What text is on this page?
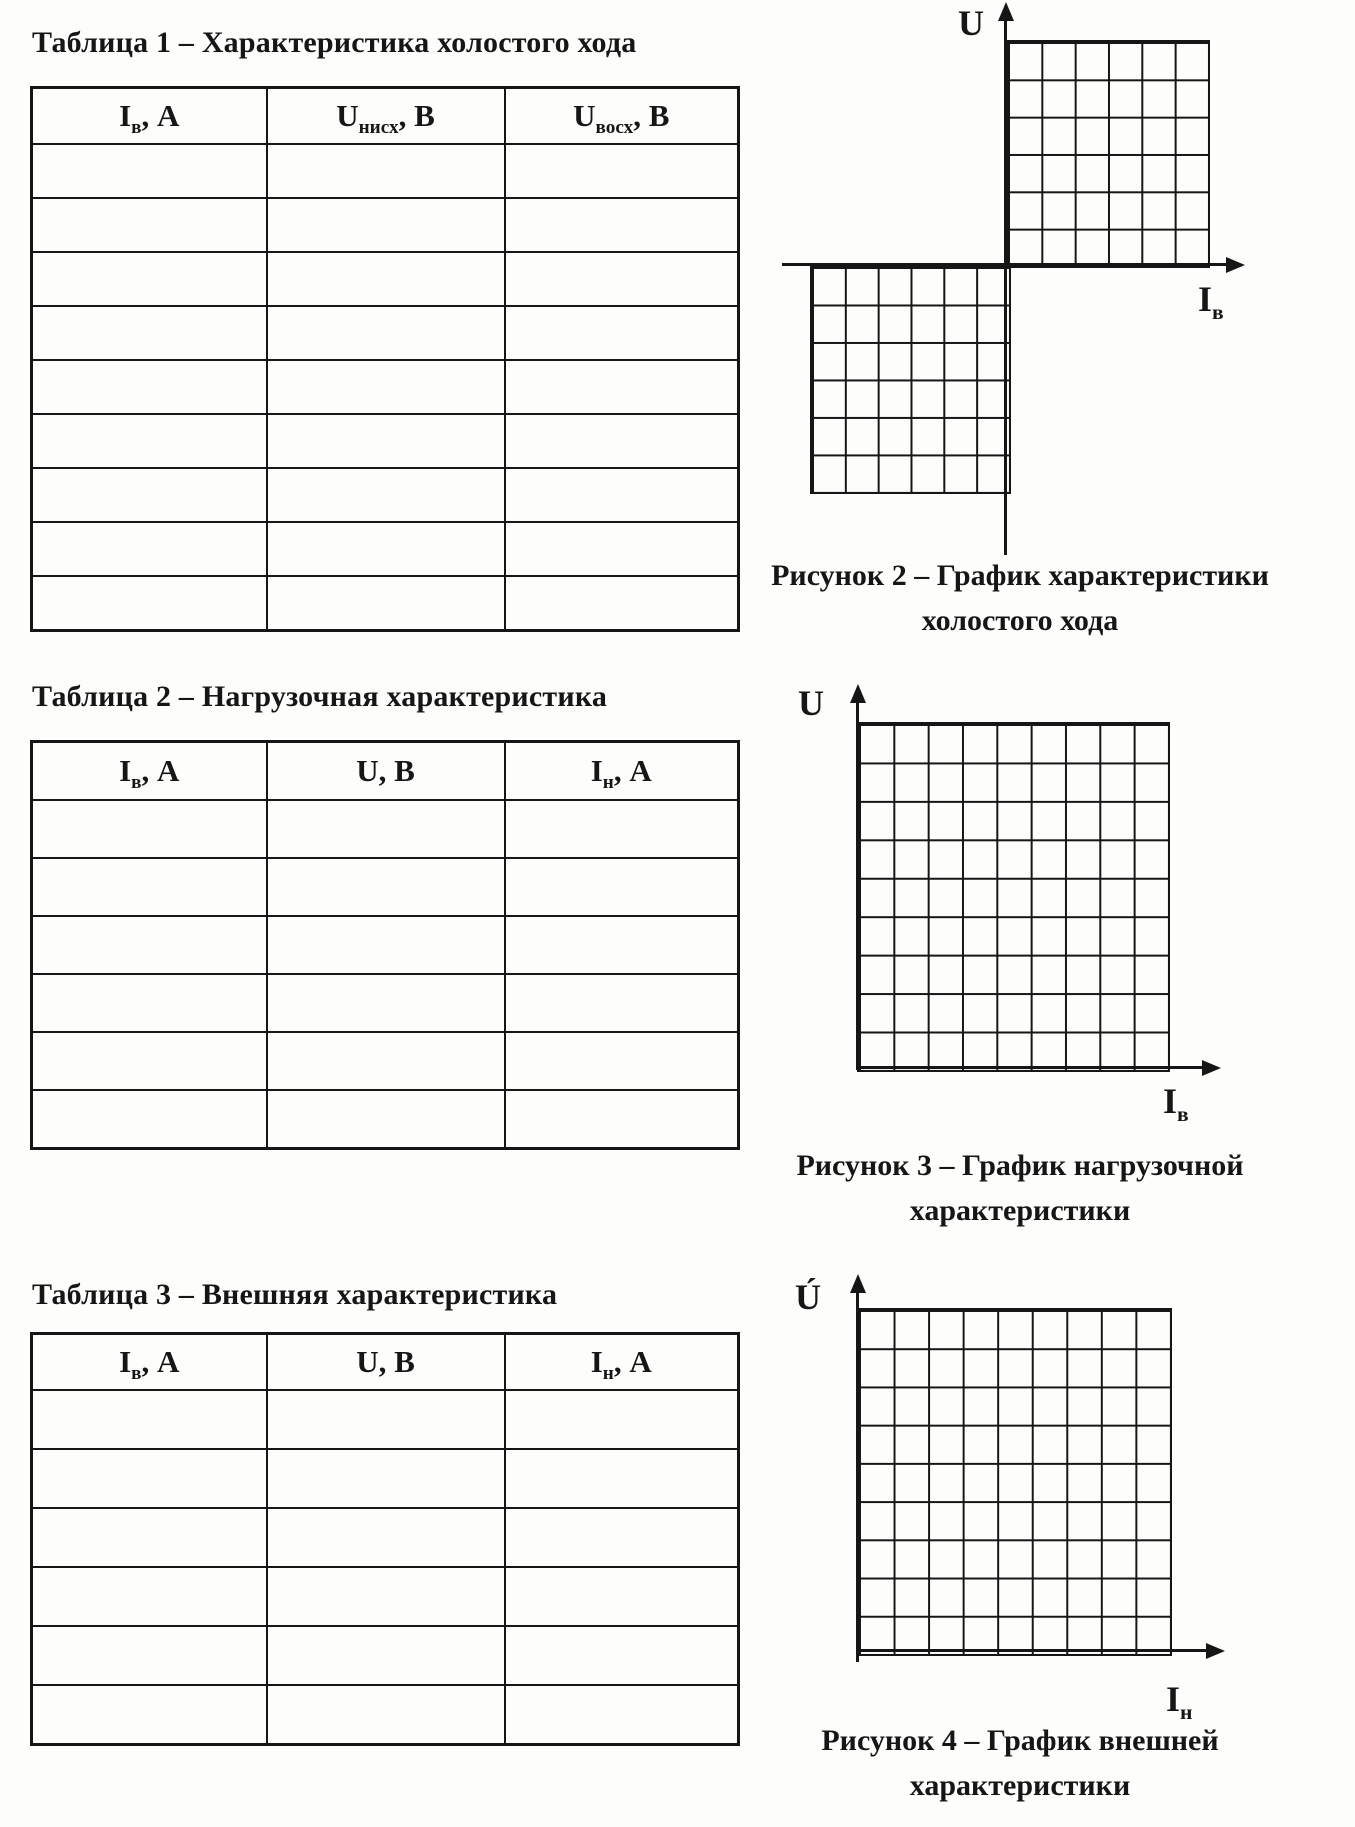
Таблица 1 – Характеристика холостого хода
$I_в$, А	$U_{нисх}$, В	$U_{восх}$, В

Таблица 2 – Нагрузочная характеристика
$I_в$, А	U, В	$I_н$, А

Таблица 3 – Внешняя характеристика
$I_в$, А	U, В	$I_н$, А

U
$I_в$
Рисунок 2 – График характеристики
холостого хода
U
$I_в$
Рисунок 3 – График нагрузочной
характеристики
Ú
$I_н$
Рисунок 4 – График внешней
характеристики
